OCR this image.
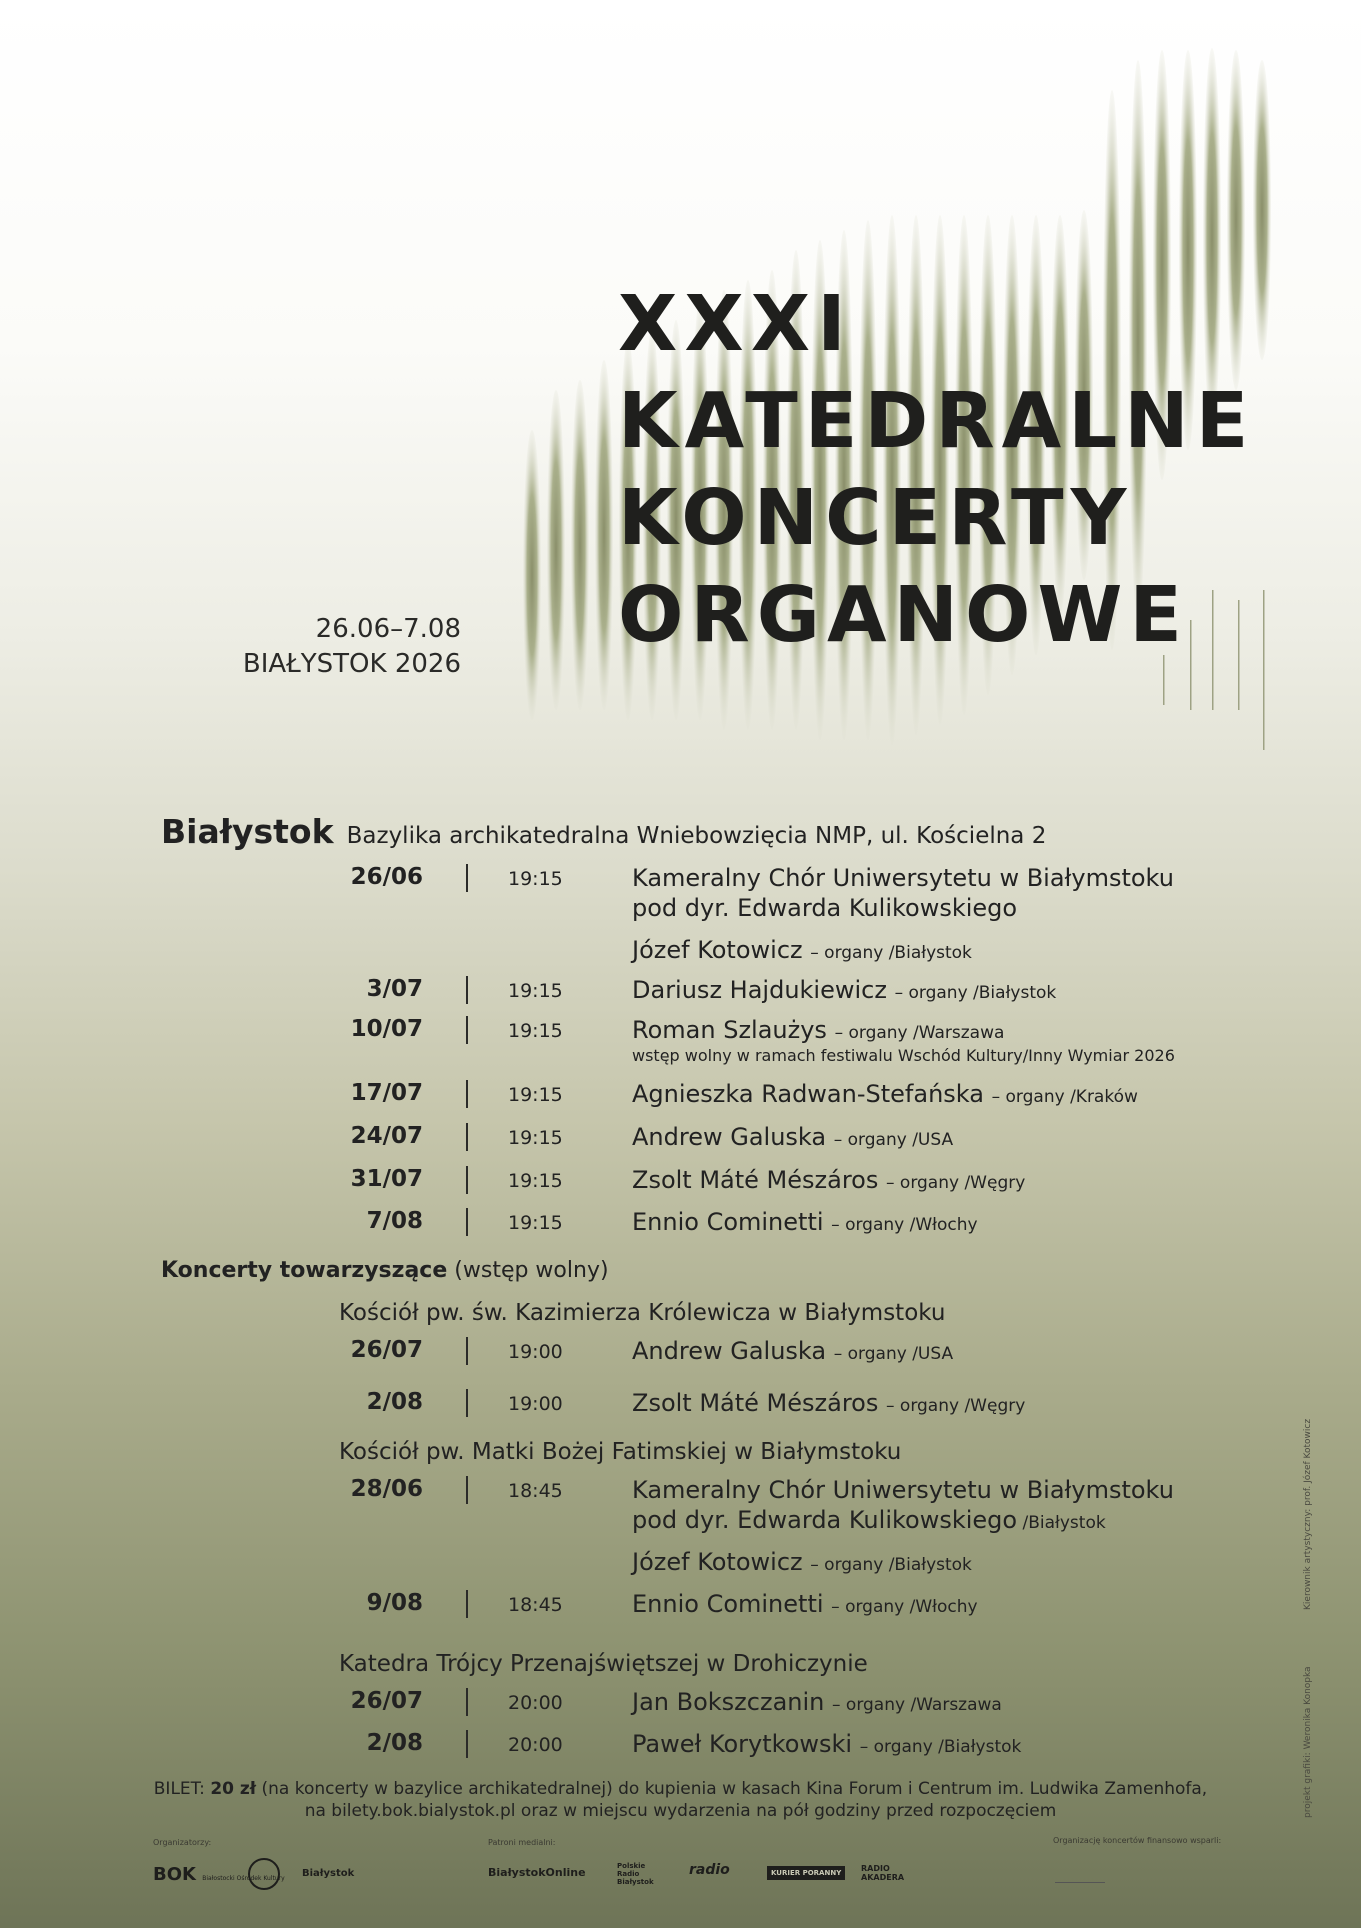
XXXI
KATEDRALNE
KONCERTY
ORGANOWE
26.06–7.08
BIAŁYSTOK 2026
Białystok Bazylika archikatedralna Wniebowzięcia NMP, ul. Kościelna 2
26/06	19:15	Kameralny Chór Uniwersytetu w Białymstoku
pod dyr. Edwarda Kulikowskiego
Józef Kotowicz – organy /Białystok
3/07	19:15	Dariusz Hajdukiewicz – organy /Białystok
10/07	19:15	Roman Szlaużys – organy /Warszawa
wstęp wolny w ramach festiwalu Wschód Kultury/Inny Wymiar 2026
17/07	19:15	Agnieszka Radwan-Stefańska – organy /Kraków
24/07	19:15	Andrew Galuska – organy /USA
31/07	19:15	Zsolt Máté Mészáros – organy /Węgry
7/08	19:15	Ennio Cominetti – organy /Włochy
Koncerty towarzyszące (wstęp wolny)
Kościół pw. św. Kazimierza Królewicza w Białymstoku
26/07	19:00	Andrew Galuska – organy /USA
2/08	19:00	Zsolt Máté Mészáros – organy /Węgry
Kościół pw. Matki Bożej Fatimskiej w Białymstoku
28/06	18:45	Kameralny Chór Uniwersytetu w Białymstoku
pod dyr. Edwarda Kulikowskiego /Białystok
Józef Kotowicz – organy /Białystok
9/08	18:45	Ennio Cominetti – organy /Włochy
Katedra Trójcy Przenajświętszej w Drohiczynie
26/07	20:00	Jan Bokszczanin – organy /Warszawa
2/08	20:00	Paweł Korytkowski – organy /Białystok
BILET: 20 zł (na koncerty w bazylice archikatedralnej) do kupienia w kasach Kina Forum i Centrum im. Ludwika Zamenhofa,
na bilety.bok.bialystok.pl oraz w miejscu wydarzenia na pół godziny przed rozpoczęciem
Organizatorzy:	Patroni medialni:	Organizację koncertów finansowo wsparli:
BOK Białostocki Ośrodek Kultury Białystok	BiałystokOnline	Polskie Radio Białystok
radio	KURIER PORANNY	RADIO AKADERA
Kierownik artystyczny: prof. Józef Kotowicz
projekt grafiki: Weronika Konopka
